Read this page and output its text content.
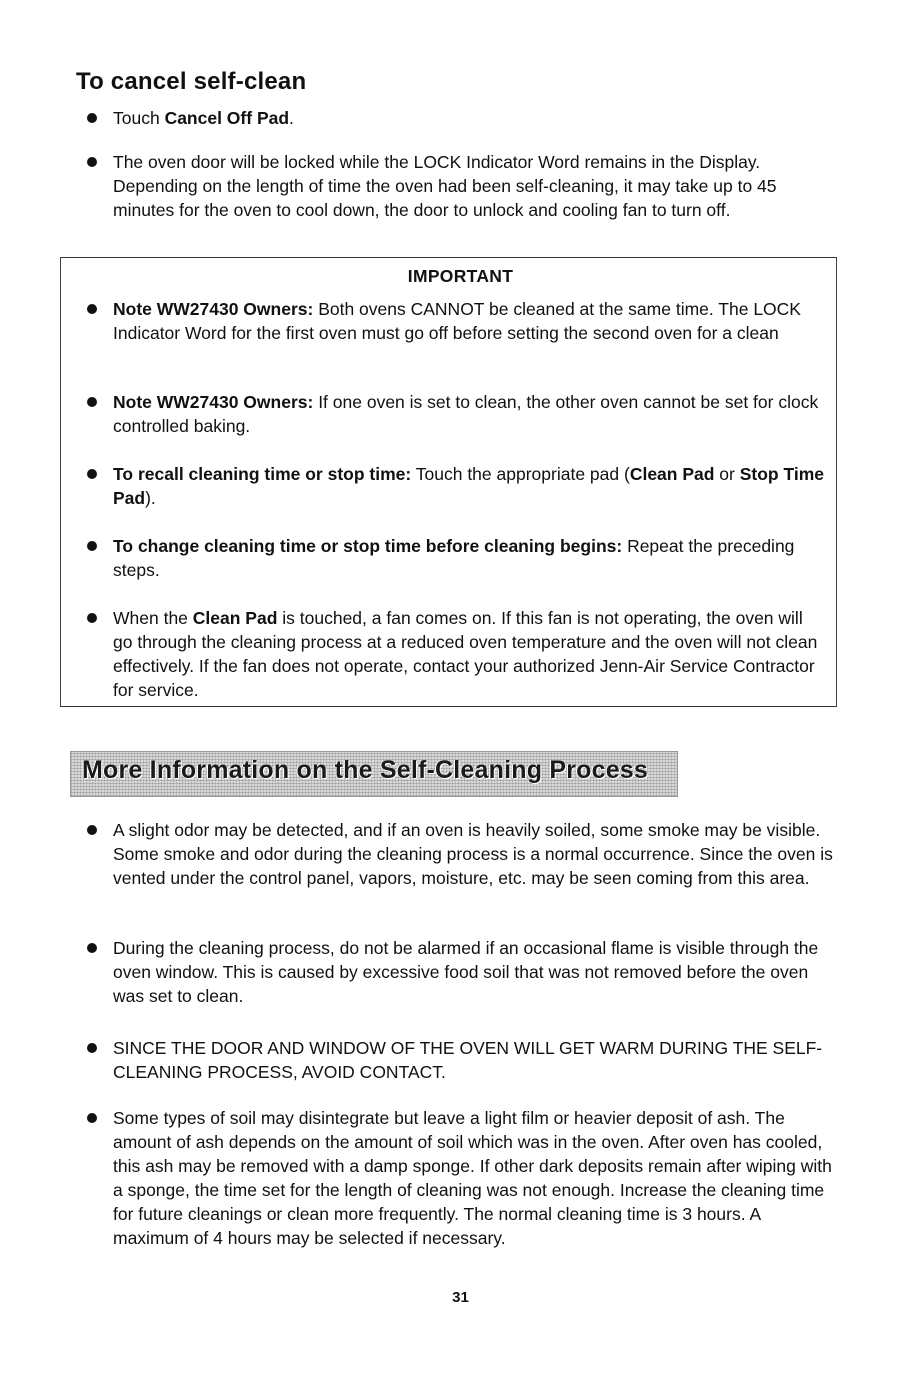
To cancel self-clean
Touch Cancel Off Pad.
The oven door will be locked while the LOCK Indicator Word remains in the Display. Depending on the length of time the oven had been self-cleaning, it may take up to 45 minutes for the oven to cool down, the door to unlock and cooling fan to turn off.
IMPORTANT
Note WW27430 Owners: Both ovens CANNOT be cleaned at the same time. The LOCK Indicator Word for the first oven must go off before setting the second oven for a clean
Note WW27430 Owners: If one oven is set to clean, the other oven cannot be set for clock controlled baking.
To recall cleaning time or stop time: Touch the appropriate pad (Clean Pad or Stop Time Pad).
To change cleaning time or stop time before cleaning begins: Repeat the preceding steps.
When the Clean Pad is touched, a fan comes on. If this fan is not operating, the oven will go through the cleaning process at a reduced oven temperature and the oven will not clean effectively. If the fan does not operate, contact your authorized Jenn-Air Service Contractor for service.
More Information on the Self-Cleaning Process
A slight odor may be detected, and if an oven is heavily soiled, some smoke may be visible. Some smoke and odor during the cleaning process is a normal occurrence. Since the oven is vented under the control panel, vapors, moisture, etc. may be seen coming from this area.
During the cleaning process, do not be alarmed if an occasional flame is visible through the oven window. This is caused by excessive food soil that was not removed before the oven was set to clean.
SINCE THE DOOR AND WINDOW OF THE OVEN WILL GET WARM DURING THE SELF-CLEANING PROCESS, AVOID CONTACT.
Some types of soil may disintegrate but leave a light film or heavier deposit of ash. The amount of ash depends on the amount of soil which was in the oven. After oven has cooled, this ash may be removed with a damp sponge. If other dark deposits remain after wiping with a sponge, the time set for the length of cleaning was not enough. Increase the cleaning time for future cleanings or clean more frequently. The normal cleaning time is 3 hours. A maximum of 4 hours may be selected if necessary.
31
